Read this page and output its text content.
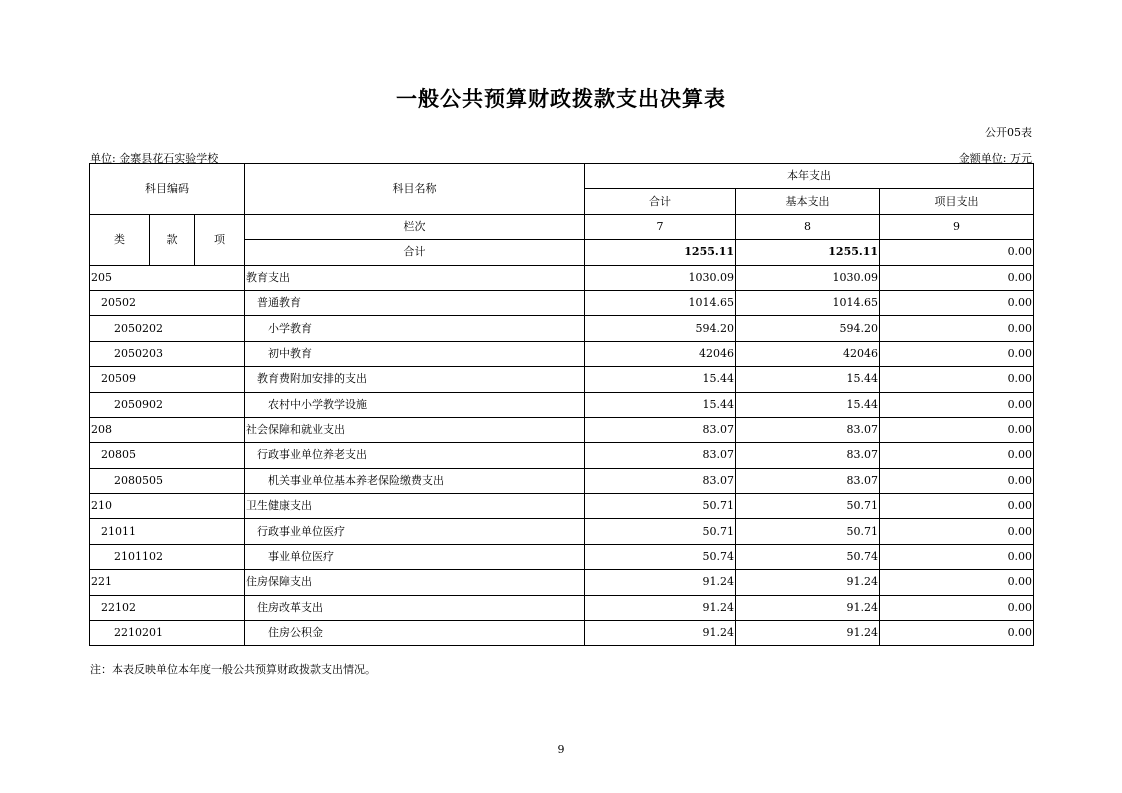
一般公共预算财政拨款支出决算表
公开05表
单位: 金寨县花石实验学校	金额单位: 万元
科目编码			科目名称	本年支出		
				合计	基本支出	项目支出
类	款	项	栏次	7	8	9
			合计	1255.11	1255.11	0.00
205			教育支出	1030.09	1030.09	0.00
20502			普通教育	1014.65	1014.65	0.00
2050202			小学教育	594.20	594.20	0.00
2050203			初中教育	42046	42046	0.00
20509			教育费附加安排的支出	15.44	15.44	0.00
2050902			农村中小学教学设施	15.44	15.44	0.00
208			社会保障和就业支出	83.07	83.07	0.00
20805			行政事业单位养老支出	83.07	83.07	0.00
2080505			机关事业单位基本养老保险缴费支出	83.07	83.07	0.00
210			卫生健康支出	50.71	50.71	0.00
21011			行政事业单位医疗	50.71	50.71	0.00
2101102			事业单位医疗	50.74	50.74	0.00
221			住房保障支出	91.24	91.24	0.00
22102			住房改革支出	91.24	91.24	0.00
2210201			住房公积金	91.24	91.24	0.00
注：本表反映单位本年度一般公共预算财政拨款支出情况。
9
